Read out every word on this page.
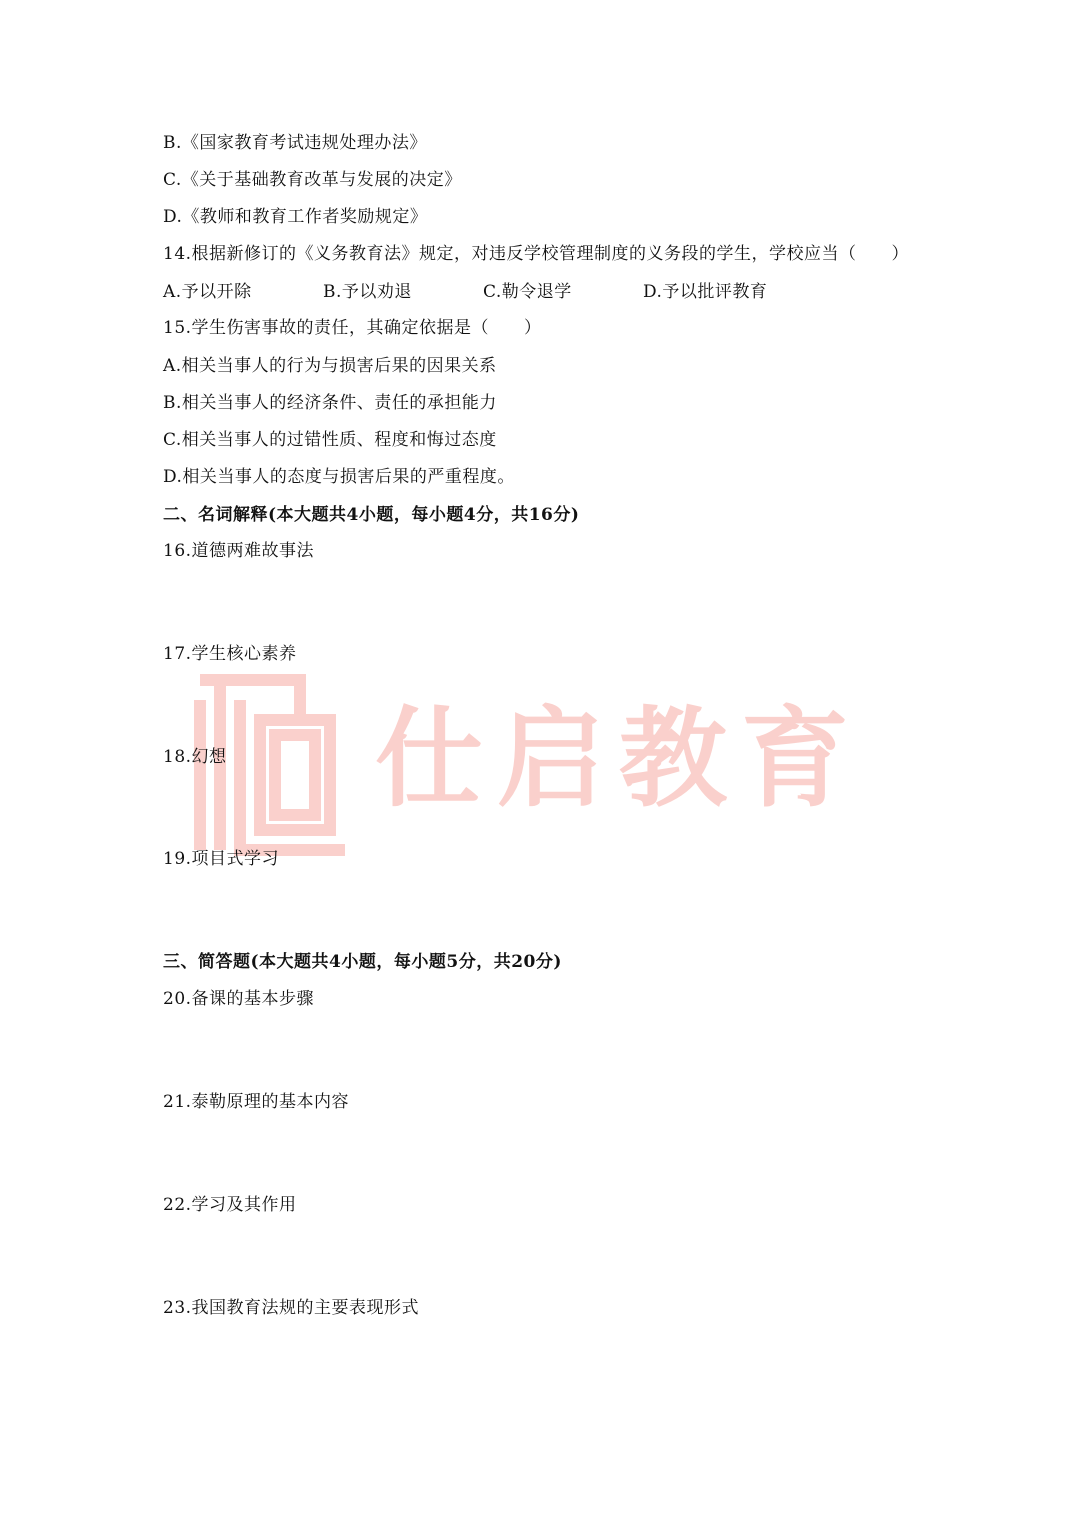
仕启教育
B.《国家教育考试违规处理办法》
C.《关于基础教育改革与发展的决定》
D.《教师和教育工作者奖励规定》
14.根据新修订的《义务教育法》规定，对违反学校管理制度的义务段的学生，学校应当（　　）
A.予以开除	B.予以劝退	C.勒令退学	D.予以批评教育
15.学生伤害事故的责任，其确定依据是（　　）
A.相关当事人的行为与损害后果的因果关系
B.相关当事人的经济条件、责任的承担能力
C.相关当事人的过错性质、程度和悔过态度
D.相关当事人的态度与损害后果的严重程度。
二、名词解释(本大题共4小题，每小题4分，共16分)
16.道德两难故事法
17.学生核心素养
18.幻想
19.项目式学习
三、简答题(本大题共4小题，每小题5分，共20分)
20.备课的基本步骤
21.泰勒原理的基本内容
22.学习及其作用
23.我国教育法规的主要表现形式
